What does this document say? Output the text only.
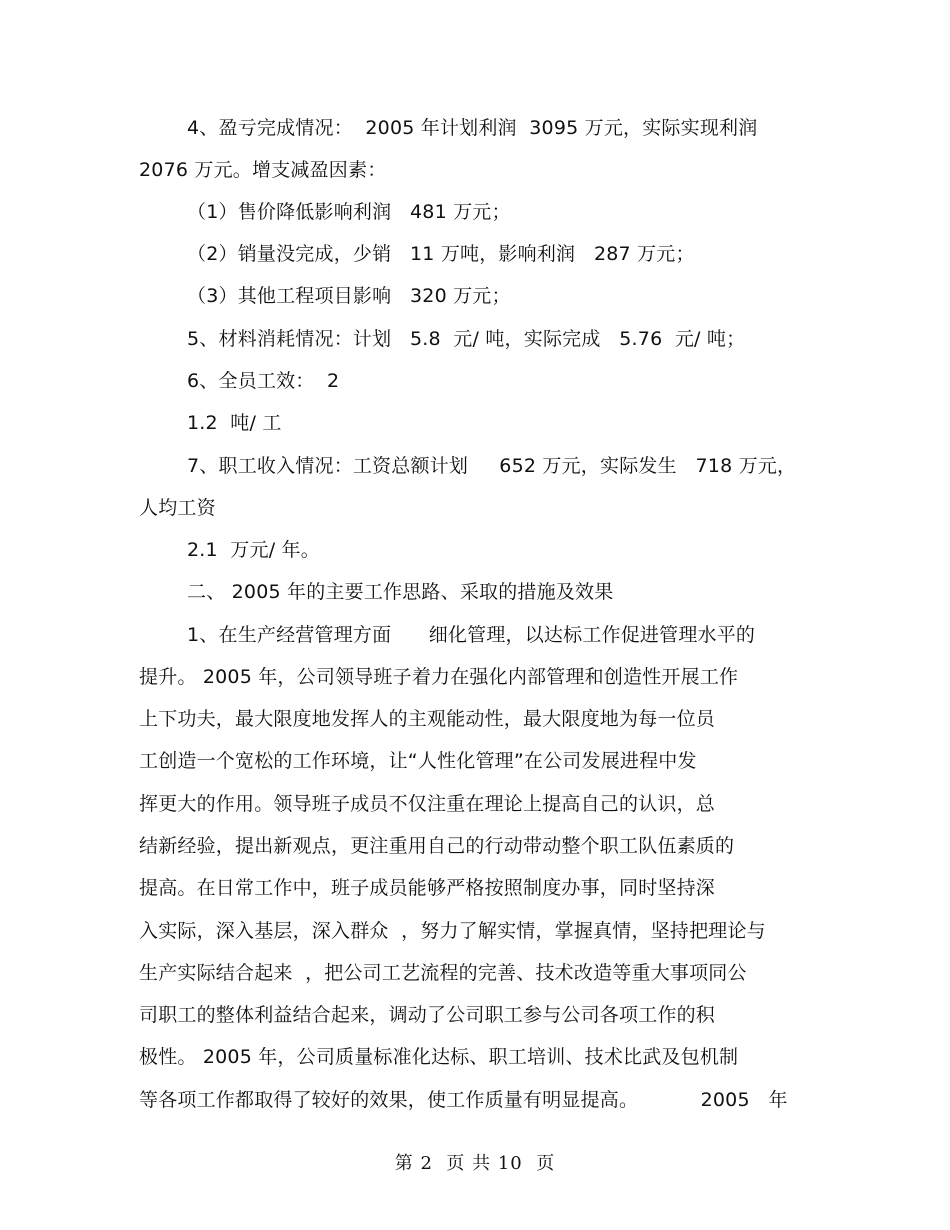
4、盈亏完成情况：  2005 年计划利润  3095 万元，实际实现利润
2076 万元。增支减盈因素：
（1）售价降低影响利润   481 万元；
（2）销量没完成，少销   11 万吨，影响利润   287 万元；
（3）其他工程项目影响   320 万元；
5、材料消耗情况：计划   5.8  元/ 吨，实际完成   5.76  元/ 吨；
6、全员工效：  2
1.2  吨/ 工
7、职工收入情况：工资总额计划     652 万元，实际发生   718 万元，
人均工资
2.1  万元/ 年。
二、 2005 年的主要工作思路、采取的措施及效果
1、在生产经营管理方面      细化管理，以达标工作促进管理水平的
提升。 2005 年，公司领导班子着力在强化内部管理和创造性开展工作
上下功夫，最大限度地发挥人的主观能动性，最大限度地为每一位员
工创造一个宽松的工作环境，让“人性化管理”在公司发展进程中发
挥更大的作用。领导班子成员不仅注重在理论上提高自己的认识，总
结新经验，提出新观点，更注重用自己的行动带动整个职工队伍素质的
提高。在日常工作中，班子成员能够严格按照制度办事，同时坚持深
入实际，深入基层，深入群众  ，努力了解实情，掌握真情，坚持把理论与
生产实际结合起来  ，把公司工艺流程的完善、技术改造等重大事项同公
司职工的整体利益结合起来，调动了公司职工参与公司各项工作的积
极性。 2005 年，公司质量标准化达标、职工培训、技术比武及包机制
等各项工作都取得了较好的效果，使工作质量有明显提高。          2005   年
第 2  页 共 10  页
